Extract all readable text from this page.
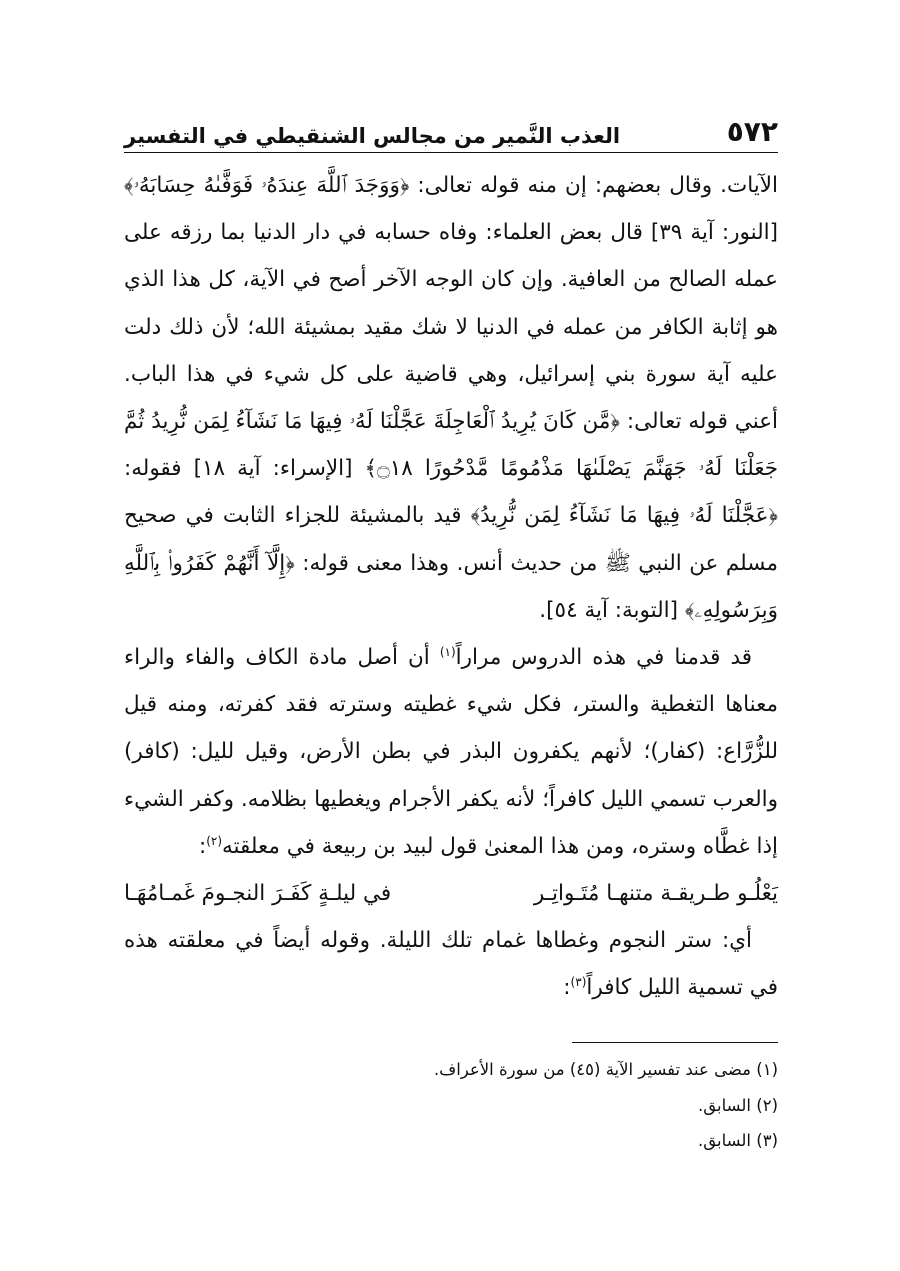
٥٧٢
العذب النَّمير من مجالس الشنقيطي في التفسير

الآيات. وقال بعضهم: إن منه قوله تعالى: ﴿وَوَجَدَ ٱللَّهَ عِندَهُۥ فَوَفَّىٰهُ حِسَابَهُۥ﴾ [النور: آية ٣٩] قال بعض العلماء: وفاه حسابه في دار الدنيا بما رزقه على عمله الصالح من العافية. وإن كان الوجه الآخر أصح في الآية، كل هذا الذي هو إثابة الكافر من عمله في الدنيا لا شك مقيد بمشيئة الله؛ لأن ذلك دلت عليه آية سورة بني إسرائيل، وهي قاضية على كل شيء في هذا الباب. أعني قوله تعالى: ﴿مَّن كَانَ يُرِيدُ ٱلْعَاجِلَةَ عَجَّلْنَا لَهُۥ فِيهَا مَا نَشَآءُ لِمَن نُّرِيدُ ثُمَّ جَعَلْنَا لَهُۥ جَهَنَّمَ يَصْلَىٰهَا مَذْمُومًا مَّدْحُورًا ۝١٨﴾ [الإسراء: آية ١٨] فقوله: ﴿عَجَّلْنَا لَهُۥ فِيهَا مَا نَشَآءُ لِمَن نُّرِيدُ﴾ قيد بالمشيئة للجزاء الثابت في صحيح مسلم عن النبي ﷺ من حديث أنس. وهذا معنى قوله: ﴿إِلَّآ أَنَّهُمْ كَفَرُوا۟ بِٱللَّهِ وَبِرَسُولِهِۦ﴾ [التوبة: آية ٥٤].

قد قدمنا في هذه الدروس مراراً$^{(١)}$ أن أصل مادة الكاف والفاء والراء معناها التغطية والستر، فكل شيء غطيته وسترته فقد كفرته، ومنه قيل للزُّرَّاع: (كفار)؛ لأنهم يكفرون البذر في بطن الأرض، وقيل لليل: (كافر) والعرب تسمي الليل كافراً؛ لأنه يكفر الأجرام ويغطيها بظلامه. وكفر الشيء إذا غطَّاه وستره، ومن هذا المعنىٰ قول لبيد بن ربيعة في معلقته$^{(٢)}$:

يَعْلُـو طـريقـة متنهـا مُتَـواتِـر
في ليلـةٍ كَفَـرَ النجـومَ غَمـامُهَـا

أي: ستر النجوم وغطاها غمام تلك الليلة. وقوله أيضاً في معلقته هذه في تسمية الليل كافراً$^{(٣)}$:

(١) مضى عند تفسير الآية (٤٥) من سورة الأعراف.

(٢) السابق.

(٣) السابق.
